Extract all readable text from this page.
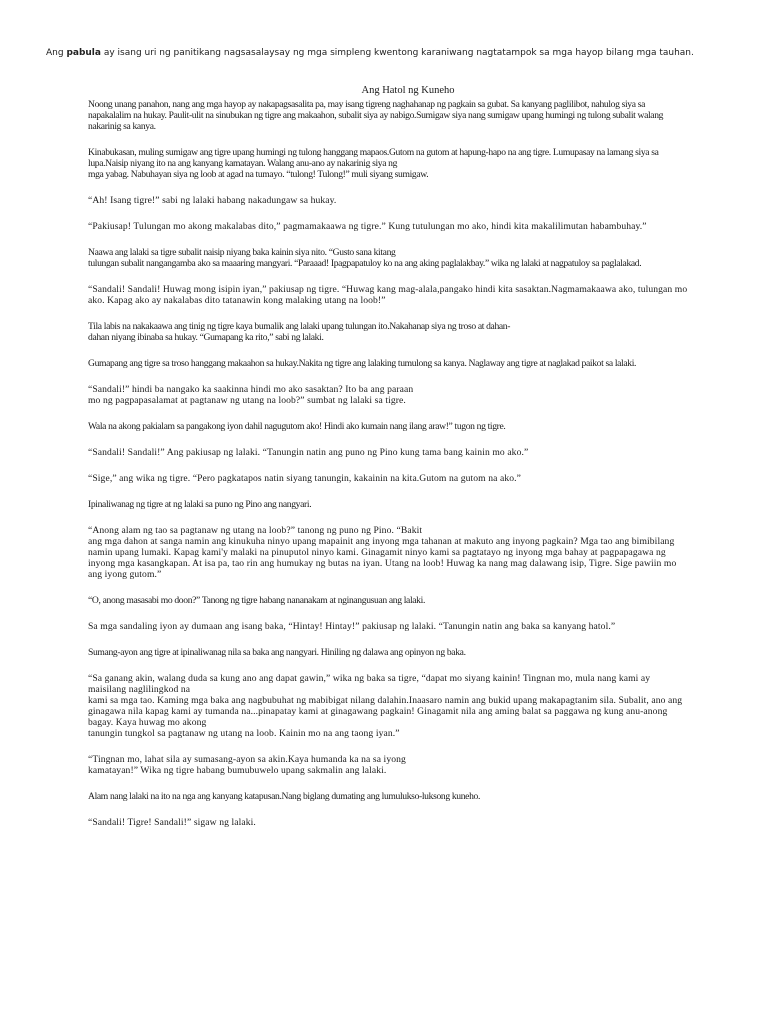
Ang pabula ay isang uri ng panitikang nagsasalaysay ng mga simpleng kwentong karaniwang nagtatampok sa mga hayop bilang mga tauhan.
Ang Hatol ng Kuneho
Noong unang panahon, nang ang mga hayop ay nakapagsasalita pa, may isang tigreng naghahanap ng pagkain sa gubat. Sa kanyang paglilibot, nahulog siya sa napakalalim na hukay. Paulit-ulit na sinubukan ng tigre ang makaahon, subalit siya ay nabigo.Sumigaw siya nang sumigaw upang humingi ng tulong subalit walang nakarinig sa kanya.
Kinabukasan, muling sumigaw ang tigre upang humingi ng tulong hanggang mapaos.Gutom na gutom at hapung-hapo na ang tigre. Lumupasay na lamang siya sa lupa.Naisip niyang ito na ang kanyang kamatayan. Walang anu-ano ay nakarinig siya ng
mga yabag. Nabuhayan siya ng loob at agad na tumayo. “tulong! Tulong!” muli siyang sumigaw.
“Ah! Isang tigre!” sabi ng lalaki habang nakadungaw sa hukay.
“Pakiusap! Tulungan mo akong makalabas dito,” pagmamakaawa ng tigre.” Kung tutulungan mo ako, hindi kita makalilimutan habambuhay.”
Naawa ang lalaki sa tigre subalit naisip niyang baka kainin siya nito. “Gusto sana kitang
tulungan subalit nangangamba ako sa maaaring mangyari. “Paraaad! Ipagpapatuloy ko na ang aking paglalakbay.” wika ng lalaki at nagpatuloy sa paglalakad.
“Sandali! Sandali! Huwag mong isipin iyan,” pakiusap ng tigre. “Huwag kang mag-alala,pangako hindi kita sasaktan.Nagmamakaawa ako, tulungan mo ako. Kapag ako ay nakalabas dito tatanawin kong malaking utang na loob!”
Tila labis na nakakaawa ang tinig ng tigre kaya bumalik ang lalaki upang tulungan ito.Nakahanap siya ng troso at dahan-
dahan niyang ibinaba sa hukay. “Gumapang ka rito,” sabi ng lalaki.
Gumapang ang tigre sa troso hanggang makaahon sa hukay.Nakita ng tigre ang lalaking tumulong sa kanya. Naglaway ang tigre at naglakad paikot sa lalaki.
“Sandali!” hindi ba nangako ka saakinna hindi mo ako sasaktan? Ito ba ang paraan
mo ng pagpapasalamat at pagtanaw ng utang na loob?” sumbat ng lalaki sa tigre.
Wala na akong pakialam sa pangakong iyon dahil nagugutom ako! Hindi ako kumain nang ilang araw!” tugon ng tigre.
“Sandali! Sandali!” Ang pakiusap ng lalaki. “Tanungin natin ang puno ng Pino kung tama bang kainin mo ako.”
“Sige,” ang wika ng tigre. “Pero pagkatapos natin siyang tanungin, kakainin na kita.Gutom na gutom na ako.”
Ipinaliwanag ng tigre at ng lalaki sa puno ng Pino ang nangyari.
“Anong alam ng tao sa pagtanaw ng utang na loob?” tanong ng puno ng Pino. “Bakit
ang mga dahon at sanga namin ang kinukuha ninyo upang mapainit ang inyong mga tahanan at makuto ang inyong pagkain? Mga tao ang bimibilang namin upang lumaki. Kapag kami'y malaki na pinuputol ninyo kami. Ginagamit ninyo kami sa pagtatayo ng inyong mga bahay at pagpapagawa ng inyong mga kasangkapan. At isa pa, tao rin ang humukay ng butas na iyan. Utang na loob! Huwag ka nang mag dalawang isip, Tigre. Sige pawiin mo ang iyong gutom.”
“O, anong masasabi mo doon?” Tanong ng tigre habang nananakam at nginangusuan ang lalaki.
Sa mga sandaling iyon ay dumaan ang isang baka, “Hintay! Hintay!” pakiusap ng lalaki. “Tanungin natin ang baka sa kanyang hatol.”
Sumang-ayon ang tigre at ipinaliwanag nila sa baka ang nangyari. Hiniling ng dalawa ang opinyon ng baka.
“Sa ganang akin, walang duda sa kung ano ang dapat gawin,” wika ng baka sa tigre, “dapat mo siyang kainin! Tingnan mo, mula nang kami ay maisilang naglilingkod na
kami sa mga tao. Kaming mga baka ang nagbubuhat ng mabibigat nilang dalahin.Inaasaro namin ang bukid upang makapagtanim sila. Subalit, ano ang ginagawa nila kapag kami ay tumanda na...pinapatay kami at ginagawang pagkain! Ginagamit nila ang aming balat sa paggawa ng kung anu-anong bagay. Kaya huwag mo akong
tanungin tungkol sa pagtanaw ng utang na loob. Kainin mo na ang taong iyan.”
“Tingnan mo, lahat sila ay sumasang-ayon sa akin.Kaya humanda ka na sa iyong
kamatayan!” Wika ng tigre habang bumubuwelo upang sakmalin ang lalaki.
Alam nang lalaki na ito na nga ang kanyang katapusan.Nang biglang dumating ang lumulukso-luksong kuneho.
“Sandali! Tigre! Sandali!” sigaw ng lalaki.
